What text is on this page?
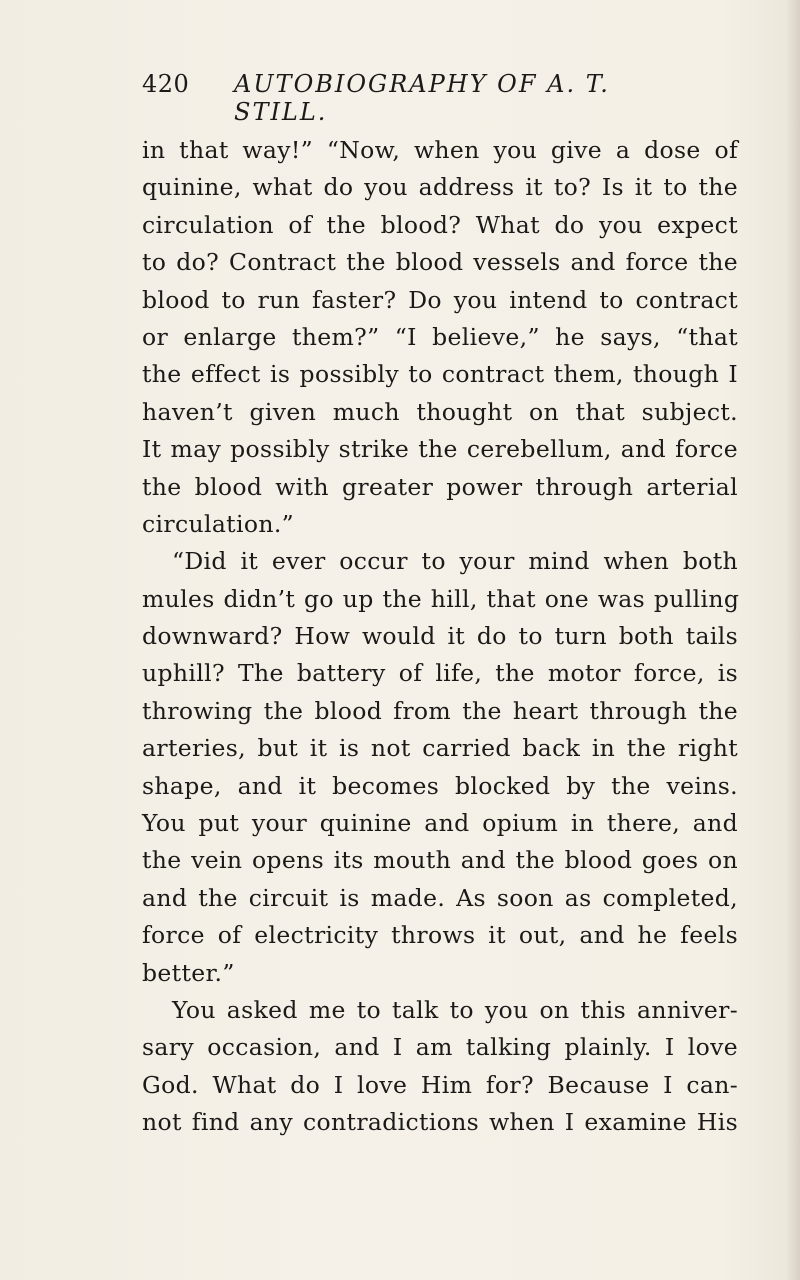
420 AUTOBIOGRAPHY OF A. T. STILL.
in that way!” “Now, when you give a dose of
quinine, what do you address it to? Is it to the
circulation of the blood? What do you expect
to do? Contract the blood vessels and force the
blood to run faster? Do you intend to contract
or enlarge them?” “I believe,” he says, “that
the effect is possibly to contract them, though I
haven’t given much thought on that subject.
It may possibly strike the cerebellum, and force
the blood with greater power through arterial
circulation.”
“Did it ever occur to your mind when both
mules didn’t go up the hill, that one was pulling
downward? How would it do to turn both tails
uphill? The battery of life, the motor force, is
throwing the blood from the heart through the
arteries, but it is not carried back in the right
shape, and it becomes blocked by the veins.
You put your quinine and opium in there, and
the vein opens its mouth and the blood goes on
and the circuit is made. As soon as completed,
force of electricity throws it out, and he feels
better.”
You asked me to talk to you on this anniver-
sary occasion, and I am talking plainly. I love
God. What do I love Him for? Because I can-
not find any contradictions when I examine His
